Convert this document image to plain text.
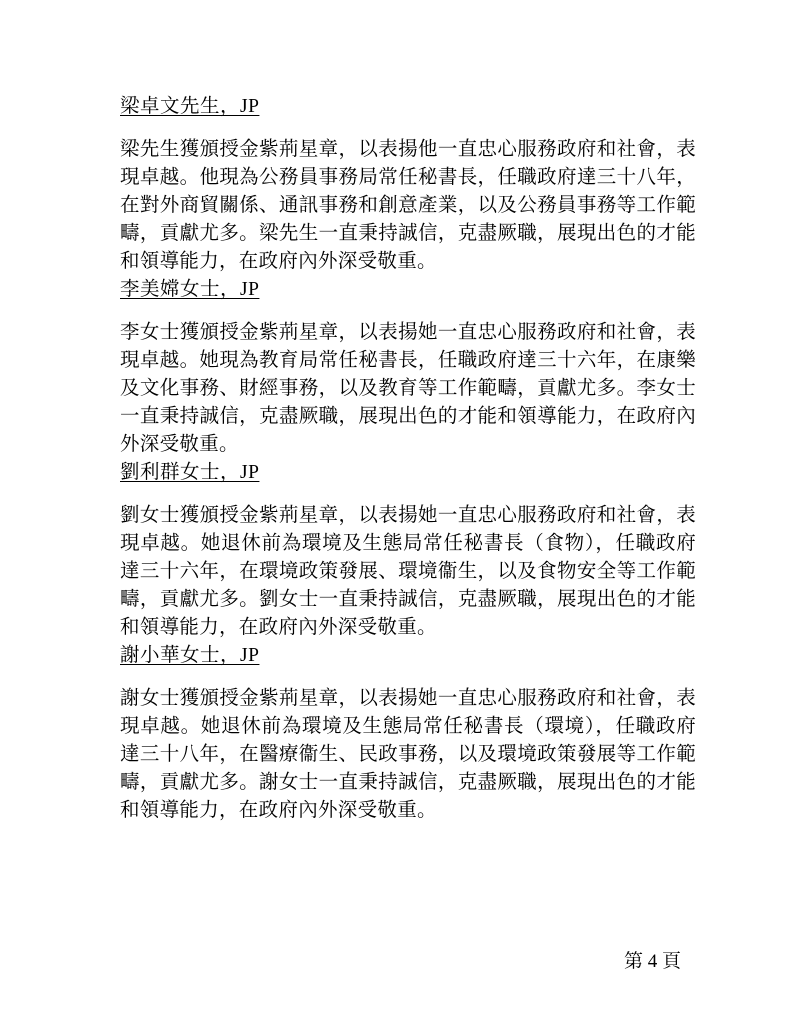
梁卓文先生，JP

梁先生獲頒授金紫荊星章，以表揚他一直忠心服務政府和社會，表現卓越。他現為公務員事務局常任秘書長，任職政府達三十八年，在對外商貿關係、通訊事務和創意產業，以及公務員事務等工作範疇，貢獻尤多。梁先生一直秉持誠信，克盡厥職，展現出色的才能和領導能力，在政府內外深受敬重。

李美嫦女士，JP

李女士獲頒授金紫荊星章，以表揚她一直忠心服務政府和社會，表現卓越。她現為教育局常任秘書長，任職政府達三十六年，在康樂及文化事務、財經事務，以及教育等工作範疇，貢獻尤多。李女士一直秉持誠信，克盡厥職，展現出色的才能和領導能力，在政府內外深受敬重。

劉利群女士，JP

劉女士獲頒授金紫荊星章，以表揚她一直忠心服務政府和社會，表現卓越。她退休前為環境及生態局常任秘書長（食物），任職政府達三十六年，在環境政策發展、環境衞生，以及食物安全等工作範疇，貢獻尤多。劉女士一直秉持誠信，克盡厥職，展現出色的才能和領導能力，在政府內外深受敬重。

謝小華女士，JP

謝女士獲頒授金紫荊星章，以表揚她一直忠心服務政府和社會，表現卓越。她退休前為環境及生態局常任秘書長（環境），任職政府達三十八年，在醫療衞生、民政事務，以及環境政策發展等工作範疇，貢獻尤多。謝女士一直秉持誠信，克盡厥職，展現出色的才能和領導能力，在政府內外深受敬重。

第 4 頁
